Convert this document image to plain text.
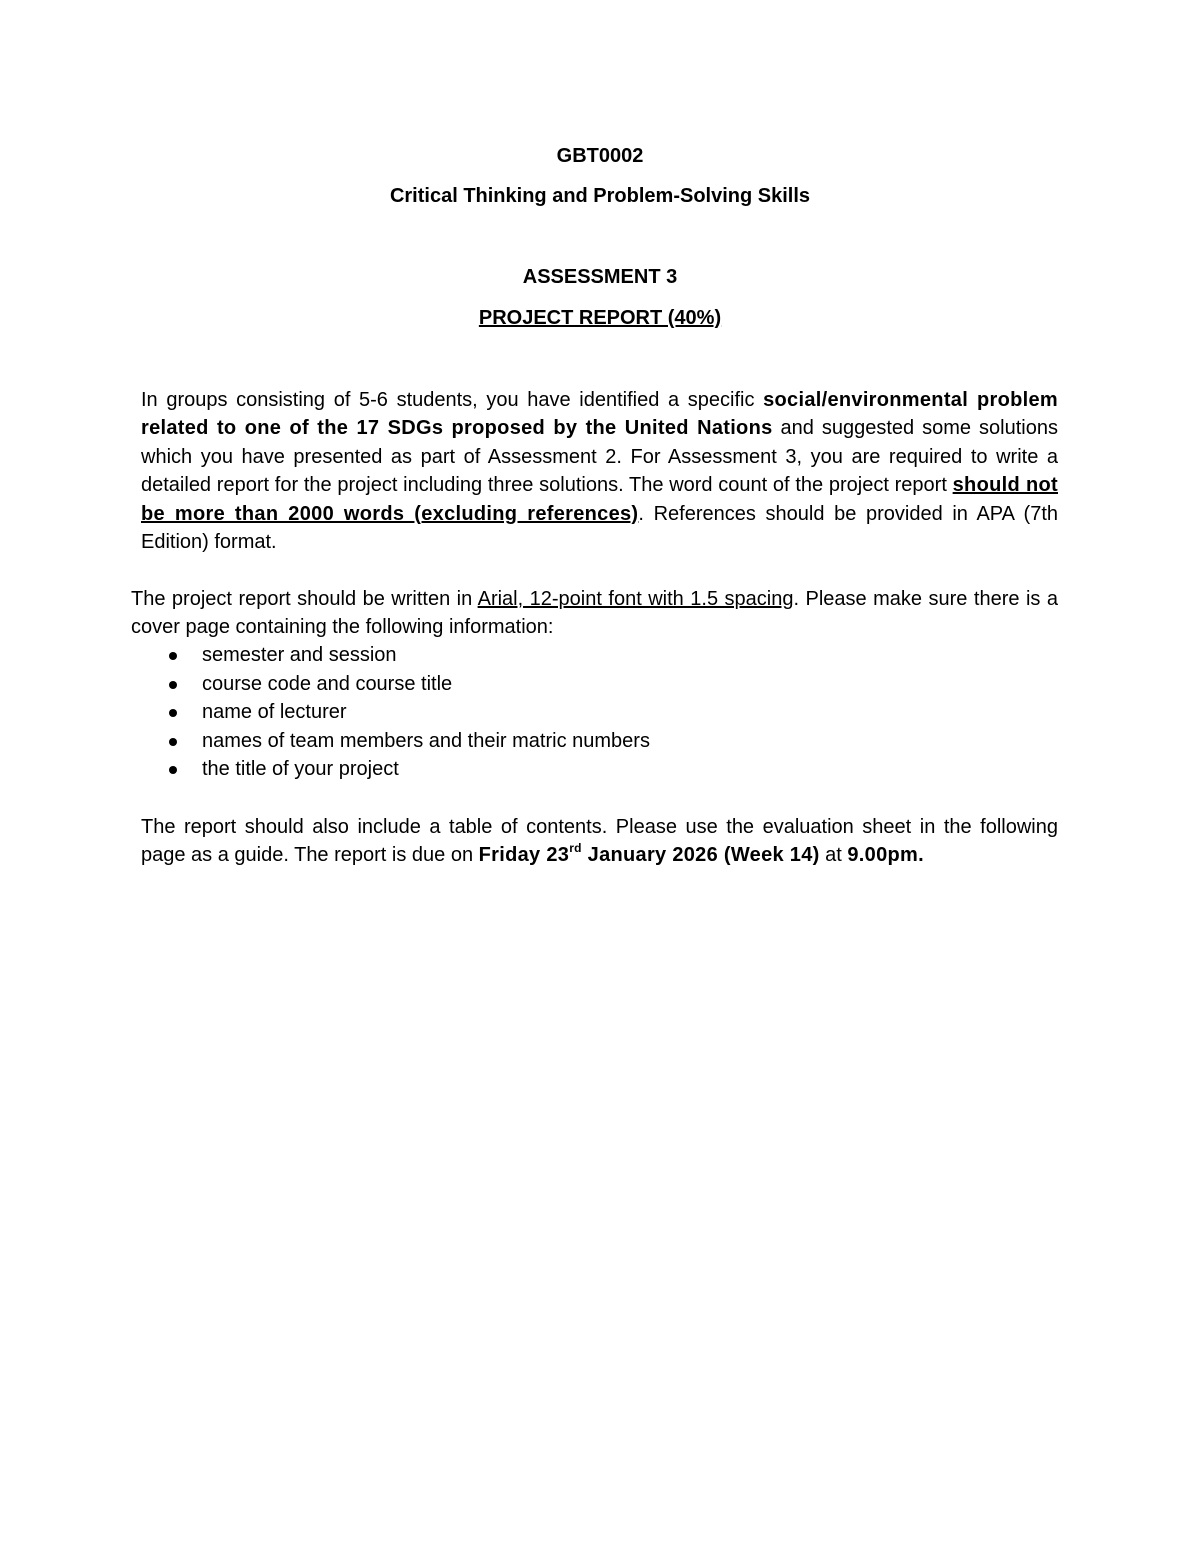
GBT0002
Critical Thinking and Problem-Solving Skills
ASSESSMENT 3
PROJECT REPORT (40%)

In groups consisting of 5-6 students, you have identified a specific social/environmental problem related to one of the 17 SDGs proposed by the United Nations and suggested some solutions which you have presented as part of Assessment 2. For Assessment 3, you are required to write a detailed report for the project including three solutions. The word count of the project report should not be more than 2000 words (excluding references). References should be provided in APA (7th Edition) format.

The project report should be written in Arial, 12-point font with 1.5 spacing. Please make sure there is a cover page containing the following information:

semester and session
course code and course title
name of lecturer
names of team members and their matric numbers
the title of your project

The report should also include a table of contents. Please use the evaluation sheet in the following page as a guide. The report is due on Friday 23rd January 2026 (Week 14) at 9.00pm.
